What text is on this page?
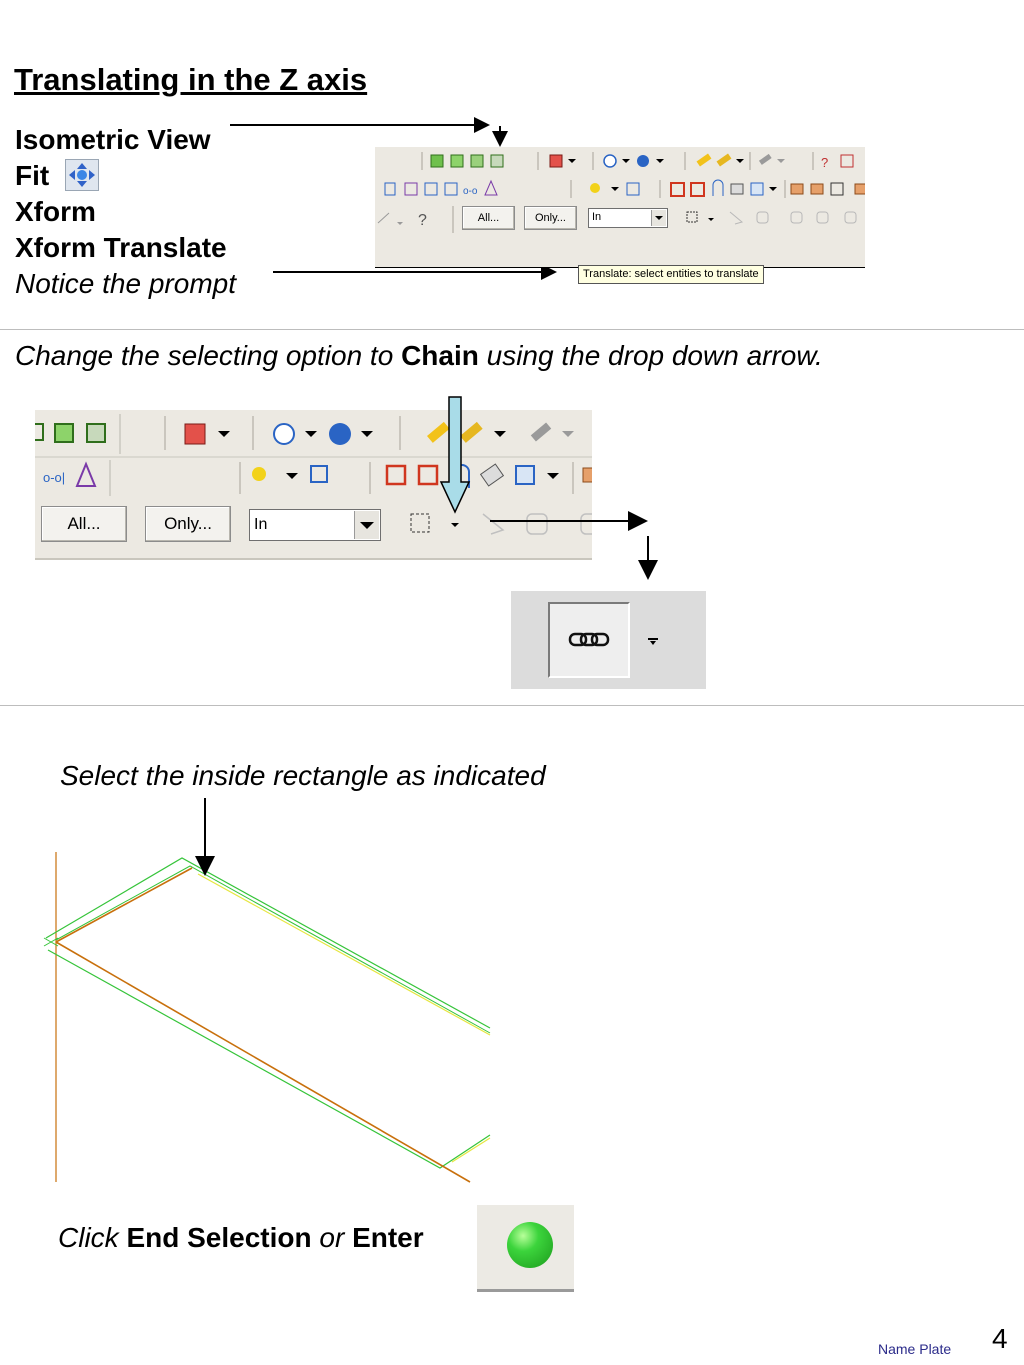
Translating in the Z axis
Isometric View
Fit
Xform
Xform Translate
Notice the prompt
?
o-o
?	All...	Only...	In
Translate: select entities to translate
Change the selecting option to Chain using the drop down arrow.
o-o|
All...	Only...	In
Select the inside rectangle as indicated
Click End Selection or Enter
Name Plate 4
